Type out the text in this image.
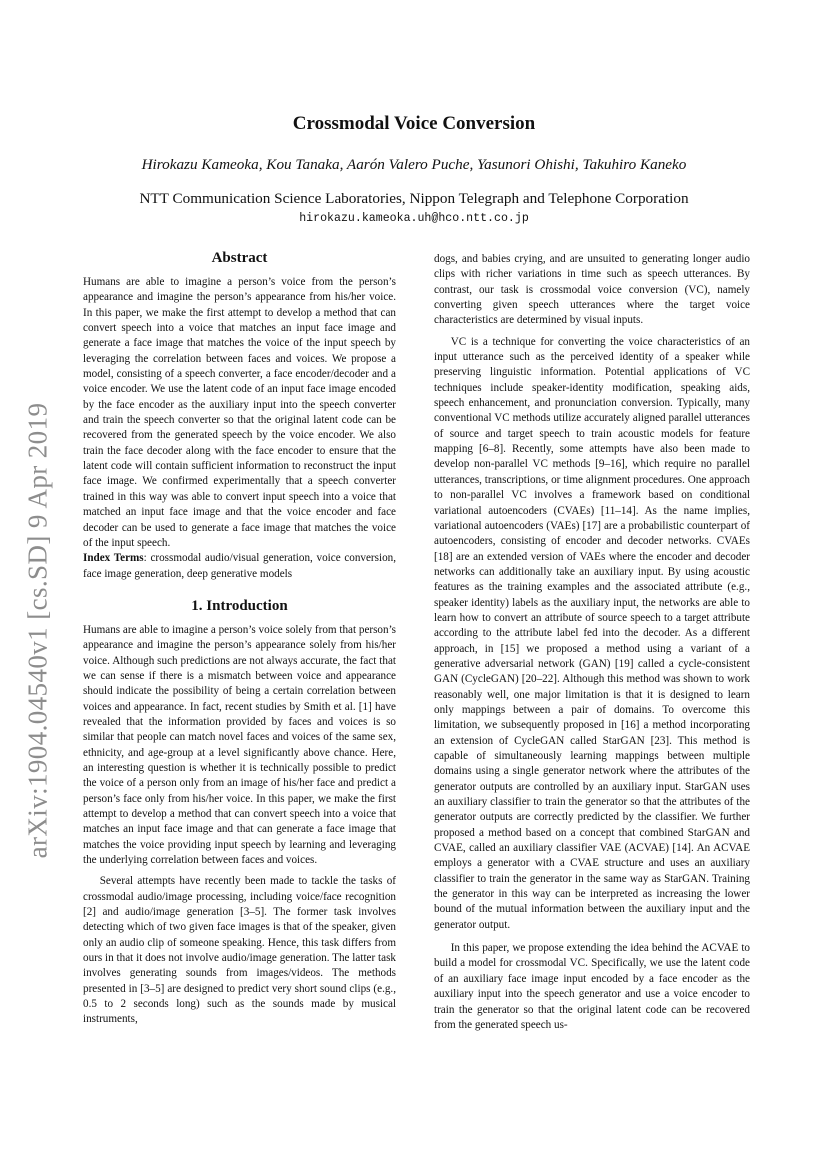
arXiv:1904.04540v1 [cs.SD] 9 Apr 2019
Crossmodal Voice Conversion
Hirokazu Kameoka, Kou Tanaka, Aarón Valero Puche, Yasunori Ohishi, Takuhiro Kaneko
NTT Communication Science Laboratories, Nippon Telegraph and Telephone Corporation
hirokazu.kameoka.uh@hco.ntt.co.jp
Abstract

Humans are able to imagine a person’s voice from the person’s appearance and imagine the person’s appearance from his/her voice. In this paper, we make the first attempt to develop a method that can convert speech into a voice that matches an input face image and generate a face image that matches the voice of the input speech by leveraging the correlation between faces and voices. We propose a model, consisting of a speech converter, a face encoder/decoder and a voice encoder. We use the latent code of an input face image encoded by the face encoder as the auxiliary input into the speech converter and train the speech converter so that the original latent code can be recovered from the generated speech by the voice encoder. We also train the face decoder along with the face encoder to ensure that the latent code will contain sufficient information to reconstruct the input face image. We confirmed experimentally that a speech converter trained in this way was able to convert input speech into a voice that matched an input face image and that the voice encoder and face decoder can be used to generate a face image that matches the voice of the input speech.

Index Terms: crossmodal audio/visual generation, voice conversion, face image generation, deep generative models

1. Introduction

Humans are able to imagine a person’s voice solely from that person’s appearance and imagine the person’s appearance solely from his/her voice. Although such predictions are not always accurate, the fact that we can sense if there is a mismatch between voice and appearance should indicate the possibility of being a certain correlation between voices and appearance. In fact, recent studies by Smith et al. [1] have revealed that the information provided by faces and voices is so similar that people can match novel faces and voices of the same sex, ethnicity, and age-group at a level significantly above chance. Here, an interesting question is whether it is technically possible to predict the voice of a person only from an image of his/her face and predict a person’s face only from his/her voice. In this paper, we make the first attempt to develop a method that can convert speech into a voice that matches an input face image and that can generate a face image that matches the voice providing input speech by learning and leveraging the underlying correlation between faces and voices.

Several attempts have recently been made to tackle the tasks of crossmodal audio/image processing, including voice/face recognition [2] and audio/image generation [3–5]. The former task involves detecting which of two given face images is that of the speaker, given only an audio clip of someone speaking. Hence, this task differs from ours in that it does not involve audio/image generation. The latter task involves generating sounds from images/videos. The methods presented in [3–5] are designed to predict very short sound clips (e.g., 0.5 to 2 seconds long) such as the sounds made by musical instruments,

dogs, and babies crying, and are unsuited to generating longer audio clips with richer variations in time such as speech utterances. By contrast, our task is crossmodal voice conversion (VC), namely converting given speech utterances where the target voice characteristics are determined by visual inputs.

VC is a technique for converting the voice characteristics of an input utterance such as the perceived identity of a speaker while preserving linguistic information. Potential applications of VC techniques include speaker-identity modification, speaking aids, speech enhancement, and pronunciation conversion. Typically, many conventional VC methods utilize accurately aligned parallel utterances of source and target speech to train acoustic models for feature mapping [6–8]. Recently, some attempts have also been made to develop non-parallel VC methods [9–16], which require no parallel utterances, transcriptions, or time alignment procedures. One approach to non-parallel VC involves a framework based on conditional variational autoencoders (CVAEs) [11–14]. As the name implies, variational autoencoders (VAEs) [17] are a probabilistic counterpart of autoencoders, consisting of encoder and decoder networks. CVAEs [18] are an extended version of VAEs where the encoder and decoder networks can additionally take an auxiliary input. By using acoustic features as the training examples and the associated attribute (e.g., speaker identity) labels as the auxiliary input, the networks are able to learn how to convert an attribute of source speech to a target attribute according to the attribute label fed into the decoder. As a different approach, in [15] we proposed a method using a variant of a generative adversarial network (GAN) [19] called a cycle-consistent GAN (CycleGAN) [20–22]. Although this method was shown to work reasonably well, one major limitation is that it is designed to learn only mappings between a pair of domains. To overcome this limitation, we subsequently proposed in [16] a method incorporating an extension of CycleGAN called StarGAN [23]. This method is capable of simultaneously learning mappings between multiple domains using a single generator network where the attributes of the generator outputs are controlled by an auxiliary input. StarGAN uses an auxiliary classifier to train the generator so that the attributes of the generator outputs are correctly predicted by the classifier. We further proposed a method based on a concept that combined StarGAN and CVAE, called an auxiliary classifier VAE (ACVAE) [14]. An ACVAE employs a generator with a CVAE structure and uses an auxiliary classifier to train the generator in the same way as StarGAN. Training the generator in this way can be interpreted as increasing the lower bound of the mutual information between the auxiliary input and the generator output.

In this paper, we propose extending the idea behind the ACVAE to build a model for crossmodal VC. Specifically, we use the latent code of an auxiliary face image input encoded by a face encoder as the auxiliary input into the speech generator and use a voice encoder to train the generator so that the original latent code can be recovered from the generated speech us-
